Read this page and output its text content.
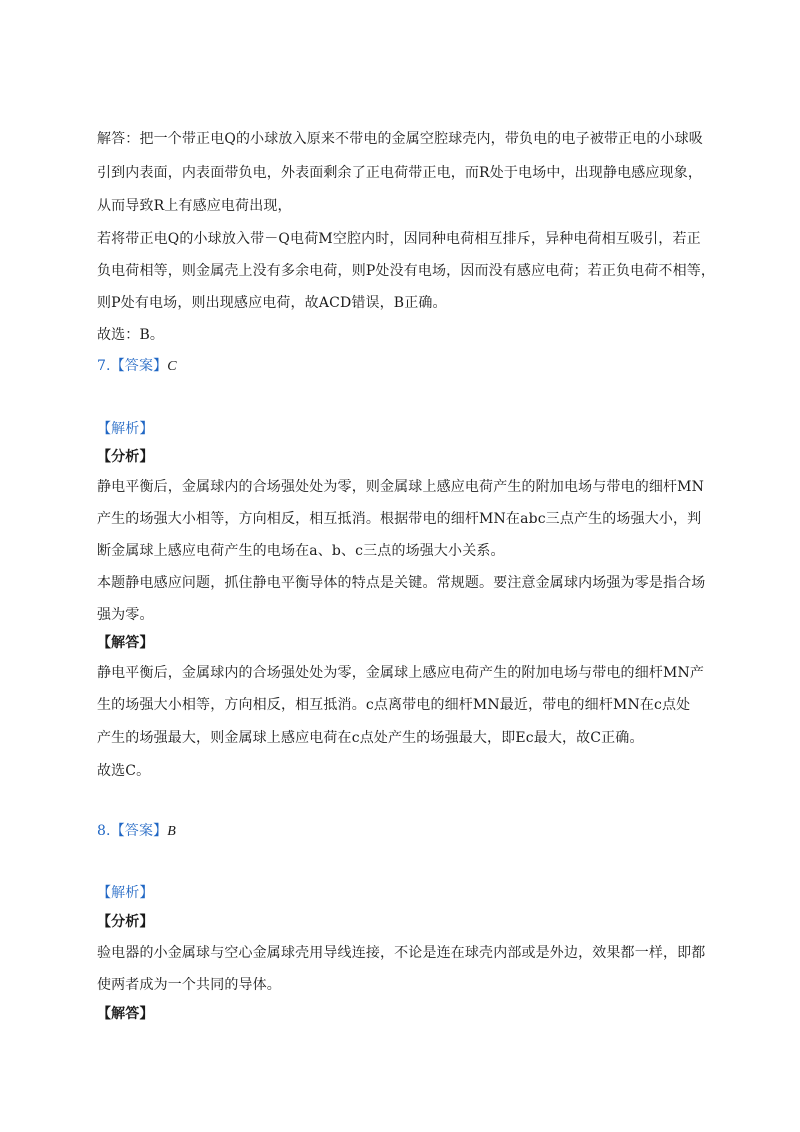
解答：把一个带正电Q的小球放入原来不带电的金属空腔球壳内，带负电的电子被带正电的小球吸
引到内表面，内表面带负电，外表面剩余了正电荷带正电，而R处于电场中，出现静电感应现象，
从而导致R上有感应电荷出现，
若将带正电Q的小球放入带－Q电荷M空腔内时，因同种电荷相互排斥，异种电荷相互吸引，若正
负电荷相等，则金属壳上没有多余电荷，则P处没有电场，因而没有感应电荷；若正负电荷不相等，
则P处有电场，则出现感应电荷，故ACD错误，B正确。
故选：B。
7.【答案】C
【解析】
【分析】
静电平衡后，金属球内的合场强处处为零，则金属球上感应电荷产生的附加电场与带电的细杆MN
产生的场强大小相等，方向相反，相互抵消。根据带电的细杆MN在abc三点产生的场强大小，判
断金属球上感应电荷产生的电场在a、b、c三点的场强大小关系。
本题静电感应问题，抓住静电平衡导体的特点是关键。常规题。要注意金属球内场强为零是指合场
强为零。
【解答】
静电平衡后，金属球内的合场强处处为零，金属球上感应电荷产生的附加电场与带电的细杆MN产
生的场强大小相等，方向相反，相互抵消。c点离带电的细杆MN最近，带电的细杆MN在c点处
产生的场强最大，则金属球上感应电荷在c点处产生的场强最大，即Ec最大，故C正确。
故选C。
8.【答案】B
【解析】
【分析】
验电器的小金属球与空心金属球壳用导线连接，不论是连在球壳内部或是外边，效果都一样，即都
使两者成为一个共同的导体。
【解答】
